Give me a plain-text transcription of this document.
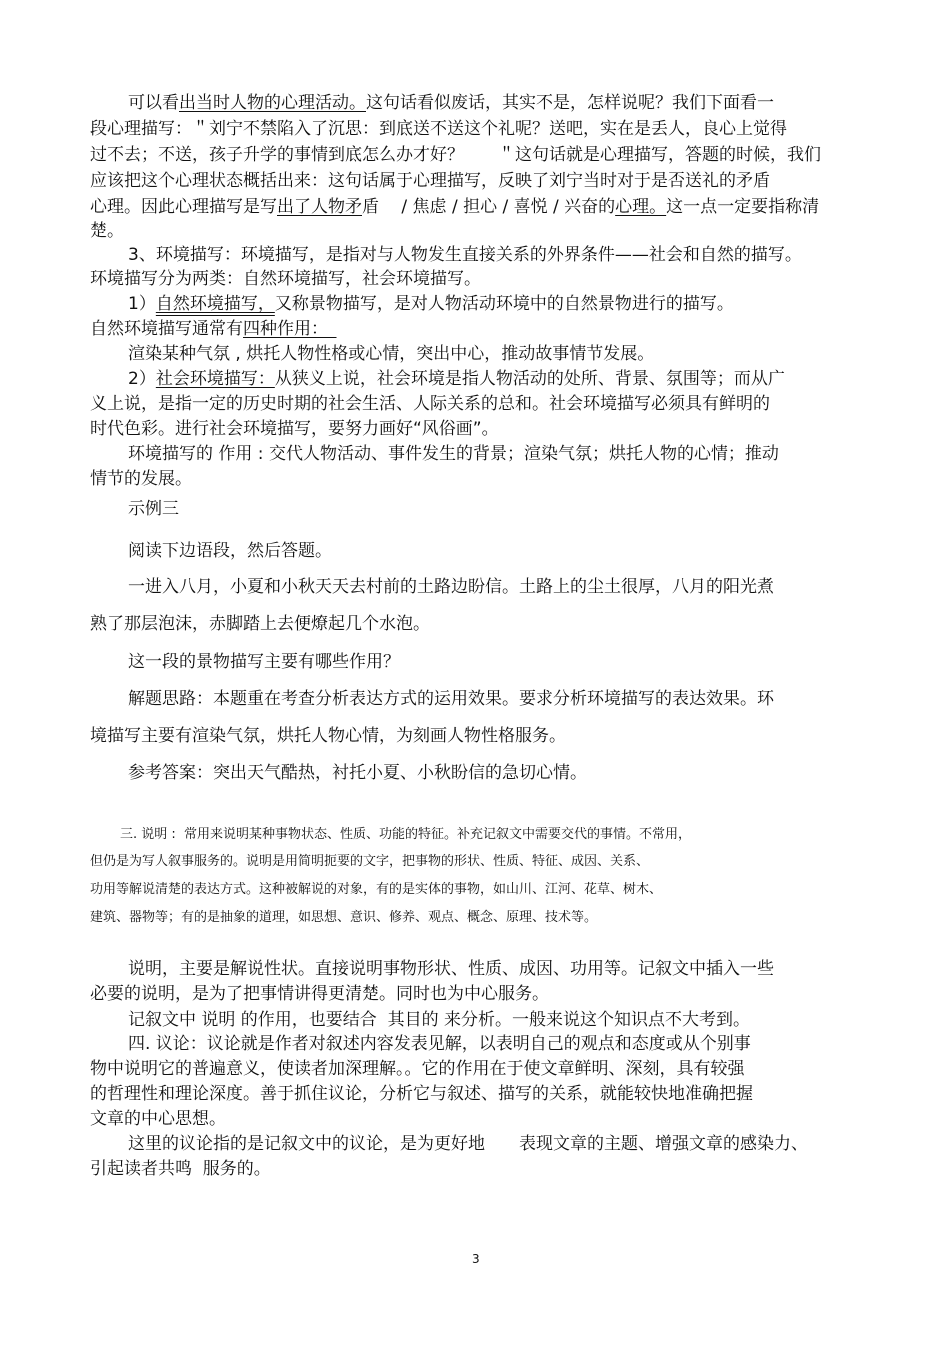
可以看出当时人物的心理活动。这句话看似废话，其实不是，怎样说呢？我们下面看一
段心理描写：＂刘宁不禁陷入了沉思：到底送不送这个礼呢？送吧，实在是丢人，良心上觉得
过不去；不送，孩子升学的事情到底怎么办才好？　　＂这句话就是心理描写，答题的时候，我们
应该把这个心理状态概括出来：这句话属于心理描写，反映了刘宁当时对于是否送礼的矛盾
心理。因此心理描写是写出了人物矛盾　 / 焦虑 / 担心 / 喜悦 / 兴奋的心理。这一点一定要指称清
楚。
3、环境描写：环境描写，是指对与人物发生直接关系的外界条件——社会和自然的描写。
环境描写分为两类：自然环境描写，社会环境描写。
1）自然环境描写，又称景物描写，是对人物活动环境中的自然景物进行的描写。
自然环境描写通常有四种作用：　
渲染某种气氛 , 烘托人物性格或心情，突出中心，推动故事情节发展。
2）社会环境描写：从狭义上说，社会环境是指人物活动的处所、背景、氛围等；而从广
义上说，是指一定的历史时期的社会生活、人际关系的总和。社会环境描写必须具有鲜明的
时代色彩。进行社会环境描写，要努力画好“风俗画”。
环境描写的 作用 : 交代人物活动、事件发生的背景；渲染气氛；烘托人物的心情；推动
情节的发展。
示例三
阅读下边语段，然后答题。
一进入八月，小夏和小秋天天去村前的土路边盼信。土路上的尘土很厚，八月的阳光煮
熟了那层泡沫，赤脚踏上去便燎起几个水泡。
这一段的景物描写主要有哪些作用？
解题思路：本题重在考查分析表达方式的运用效果。要求分析环境描写的表达效果。环
境描写主要有渲染气氛，烘托人物心情，为刻画人物性格服务。
参考答案：突出天气酷热，衬托小夏、小秋盼信的急切心情。
三. 说明 :  常用来说明某种事物状态、性质、功能的特征。补充记叙文中需要交代的事情。不常用，
但仍是为写人叙事服务的。说明是用简明扼要的文字，把事物的形状、性质、特征、成因、关系、
功用等解说清楚的表达方式。这种被解说的对象，有的是实体的事物，如山川、江河、花草、树木、
建筑、器物等；有的是抽象的道理，如思想、意识、修养、观点、概念、原理、技术等。
说明，主要是解说性状。直接说明事物形状、性质、成因、功用等。记叙文中插入一些
必要的说明，是为了把事情讲得更清楚。同时也为中心服务。
记叙文中 说明 的作用，也要结合  其目的 来分析。一般来说这个知识点不大考到。
四. 议论：议论就是作者对叙述内容发表见解，以表明自己的观点和态度或从个别事
物中说明它的普遍意义，使读者加深理解。。它的作用在于使文章鲜明、深刻，具有较强
的哲理性和理论深度。善于抓住议论，分析它与叙述、描写的关系，就能较快地准确把握
文章的中心思想。
这里的议论指的是记叙文中的议论，是为更好地　　表现文章的主题、增强文章的感染力、
引起读者共鸣  服务的。
3
